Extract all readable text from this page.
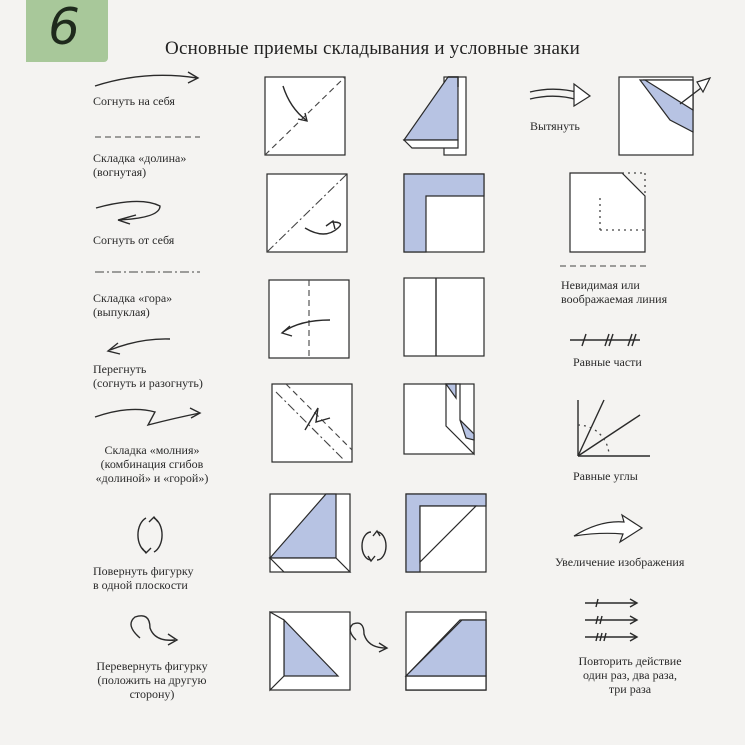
6	Основные приемы складывания и условные знаки
Согнуть на себя
Складка «долина»
(вогнутая)
Согнуть от себя
Складка «гора»
(выпуклая)
Перегнуть
(согнуть и разогнуть)
Складка «молния»
(комбинация сгибов
«долиной» и «горой»)
Повернуть фигурку
в одной плоскости
Перевернуть фигурку
(положить на другую
сторону)
Вытянуть
Невидимая или
воображаемая линия
Равные части
Равные углы
Увеличение изображения
Повторить действие
один раз, два раза,
три раза
